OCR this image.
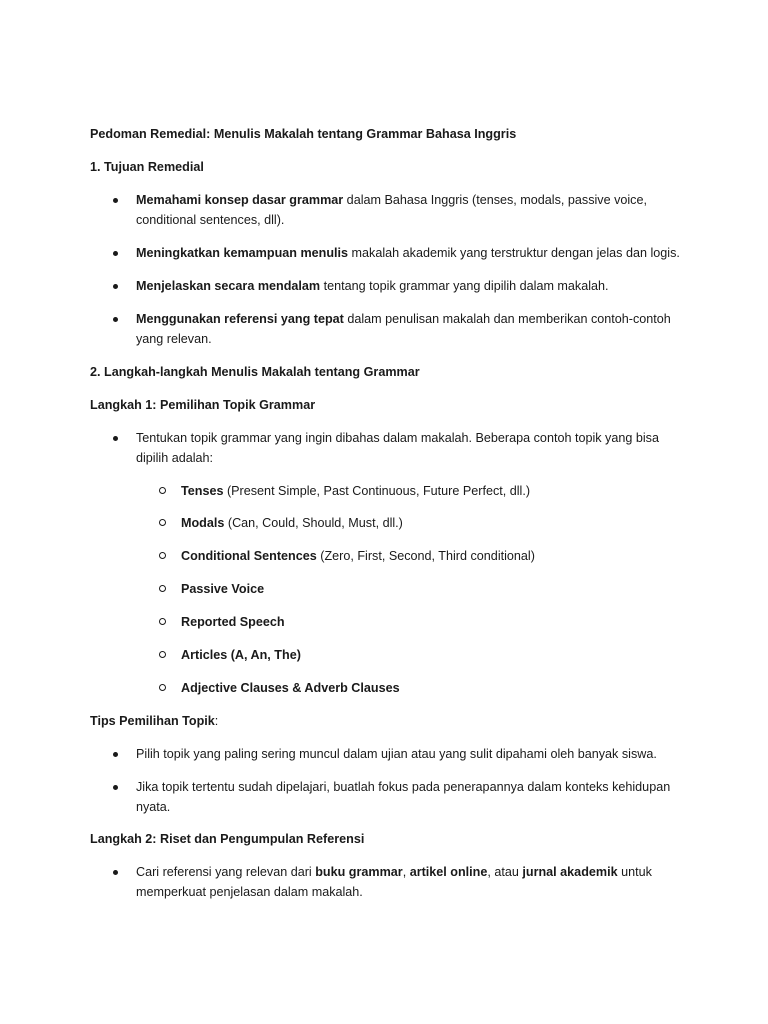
Pedoman Remedial: Menulis Makalah tentang Grammar Bahasa Inggris
1. Tujuan Remedial
Memahami konsep dasar grammar dalam Bahasa Inggris (tenses, modals, passive voice,
conditional sentences, dll).
Meningkatkan kemampuan menulis makalah akademik yang terstruktur dengan jelas dan logis.
Menjelaskan secara mendalam tentang topik grammar yang dipilih dalam makalah.
Menggunakan referensi yang tepat dalam penulisan makalah dan memberikan contoh-contoh
yang relevan.
2. Langkah-langkah Menulis Makalah tentang Grammar
Langkah 1: Pemilihan Topik Grammar
Tentukan topik grammar yang ingin dibahas dalam makalah. Beberapa contoh topik yang bisa
dipilih adalah:
Tenses (Present Simple, Past Continuous, Future Perfect, dll.)
Modals (Can, Could, Should, Must, dll.)
Conditional Sentences (Zero, First, Second, Third conditional)
Passive Voice
Reported Speech
Articles (A, An, The)
Adjective Clauses & Adverb Clauses
Tips Pemilihan Topik:
Pilih topik yang paling sering muncul dalam ujian atau yang sulit dipahami oleh banyak siswa.
Jika topik tertentu sudah dipelajari, buatlah fokus pada penerapannya dalam konteks kehidupan
nyata.
Langkah 2: Riset dan Pengumpulan Referensi
Cari referensi yang relevan dari buku grammar, artikel online, atau jurnal akademik untuk
memperkuat penjelasan dalam makalah.
